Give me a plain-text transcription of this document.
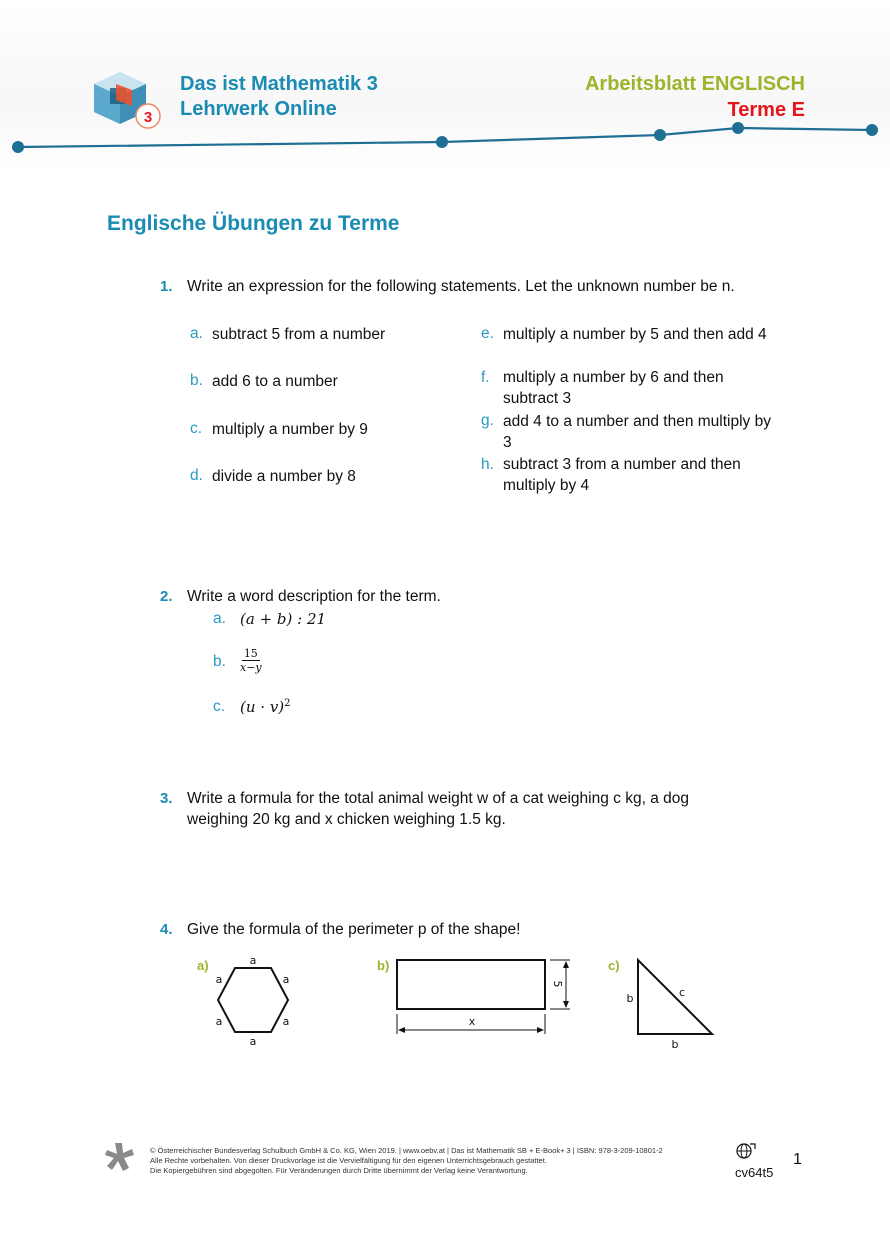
3
Das ist Mathematik 3
Lehrwerk Online
Arbeitsblatt ENGLISCH
Terme E
Englische Übungen zu Terme
1. Write an expression for the following statements. Let the unknown number be n.
a. subtract 5 from a number
b. add 6 to a number
c. multiply a number by 9
d. divide a number by 8
e. multiply a number by 5 and then add 4
f. multiply a number by 6 and then subtract 3
g. add 4 to a number and then multiply by 3
h. subtract 3 from a number and then multiply by 4
2. Write a word description for the term.
a. (a + b) : 21
b. $\frac{15}{x-y}$
c. $(u \cdot v)^2$
3. Write a formula for the total animal weight w of a cat weighing c kg, a dog
weighing 20 kg and x chicken weighing 1.5 kg.
4. Give the formula of the perimeter p of the shape!
a)	a
a
a
a
a
a
b)
5
x
c)
b
b
c
© Österreichischer Bundesverlag Schulbuch GmbH & Co. KG, Wien 2019. | www.oebv.at | Das ist Mathematik SB + E-Book+ 3 | ISBN: 978-3-209-10801-2
Alle Rechte vorbehalten. Von dieser Druckvorlage ist die Vervielfältigung für den eigenen Unterrichtsgebrauch gestattet.
Die Kopiergebühren sind abgegolten. Für Veränderungen durch Dritte übernimmt der Verlag keine Verantwortung.	cv64t5
1
